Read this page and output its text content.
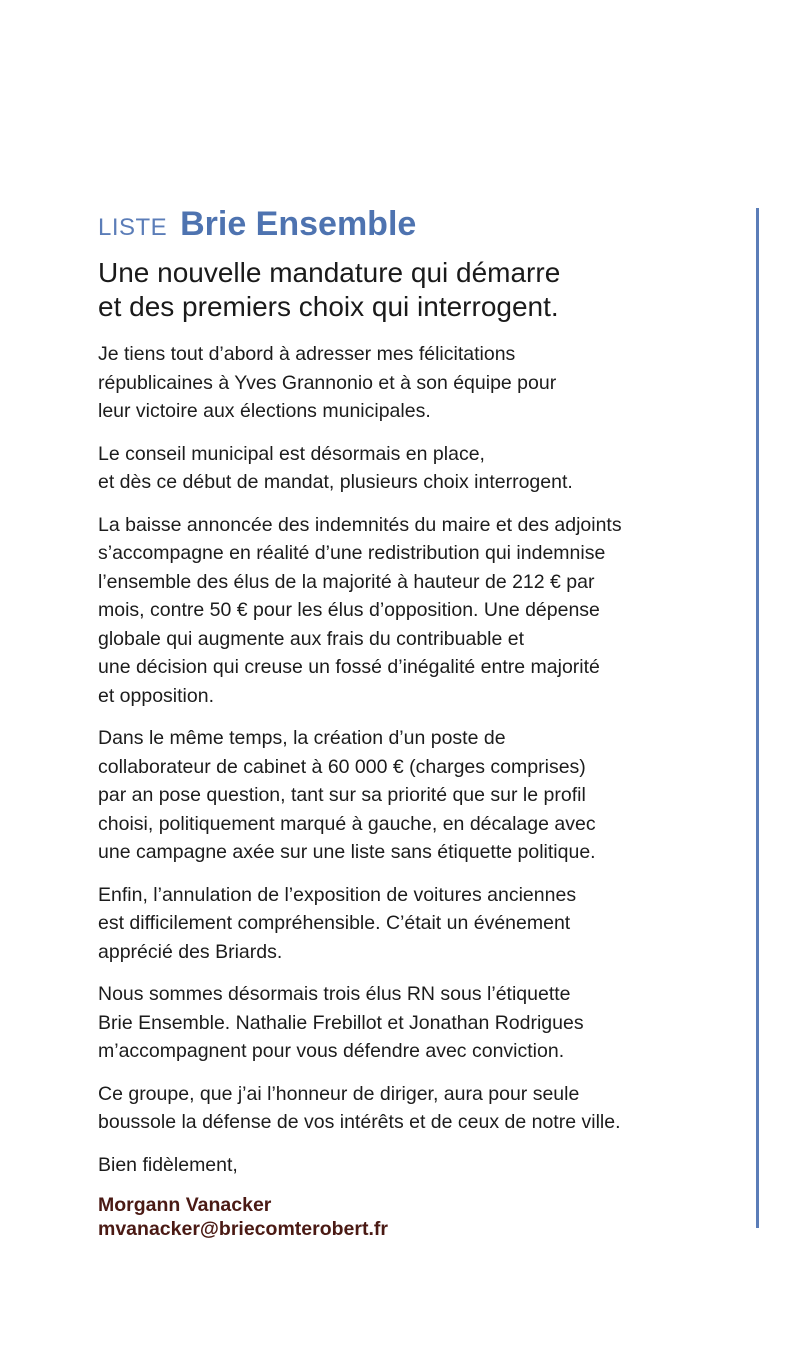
LISTE Brie Ensemble
Une nouvelle mandature qui démarre
et des premiers choix qui interrogent.

Je tiens tout d’abord à adresser mes félicitations
républicaines à Yves Grannonio et à son équipe pour
leur victoire aux élections municipales.

Le conseil municipal est désormais en place,
et dès ce début de mandat, plusieurs choix interrogent.

La baisse annoncée des indemnités du maire et des adjoints
s’accompagne en réalité d’une redistribution qui indemnise
l’ensemble des élus de la majorité à hauteur de 212 € par
mois, contre 50 € pour les élus d’opposition. Une dépense
globale qui augmente aux frais du contribuable et
une décision qui creuse un fossé d’inégalité entre majorité
et opposition.

Dans le même temps, la création d’un poste de
collaborateur de cabinet à 60 000 € (charges comprises)
par an pose question, tant sur sa priorité que sur le profil
choisi, politiquement marqué à gauche, en décalage avec
une campagne axée sur une liste sans étiquette politique.

Enfin, l’annulation de l’exposition de voitures anciennes
est difficilement compréhensible. C’était un événement
apprécié des Briards.

Nous sommes désormais trois élus RN sous l’étiquette
Brie Ensemble. Nathalie Frebillot et Jonathan Rodrigues
m’accompagnent pour vous défendre avec conviction.

Ce groupe, que j’ai l’honneur de diriger, aura pour seule
boussole la défense de vos intérêts et de ceux de notre ville.

Bien fidèlement,

Morgann Vanacker
mvanacker@briecomterobert.fr
